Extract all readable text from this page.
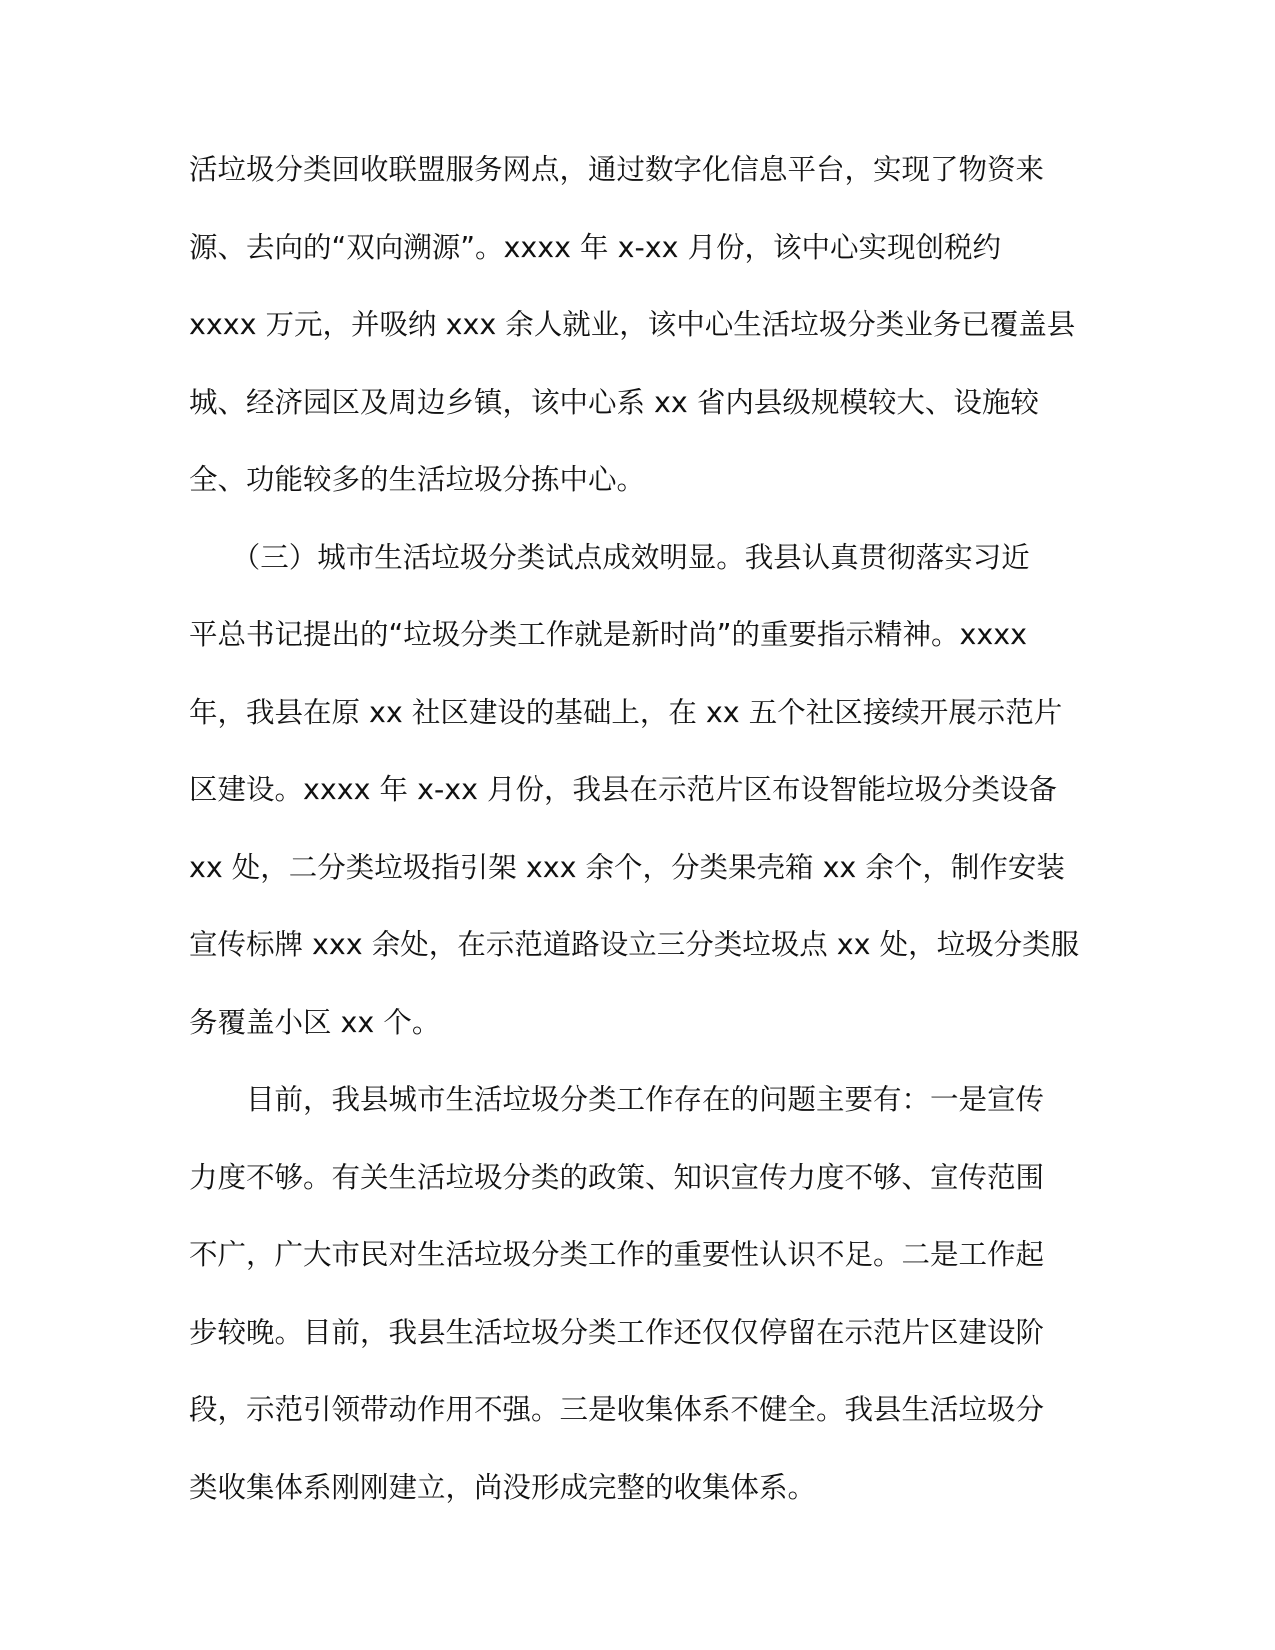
活垃圾分类回收联盟服务网点，通过数字化信息平台，实现了物资来
源、去向的“双向溯源”。xxxx 年 x-xx 月份，该中心实现创税约
xxxx 万元，并吸纳 xxx 余人就业，该中心生活垃圾分类业务已覆盖县
城、经济园区及周边乡镇，该中心系 xx 省内县级规模较大、设施较
全、功能较多的生活垃圾分拣中心。
　　（三）城市生活垃圾分类试点成效明显。我县认真贯彻落实习近
平总书记提出的“垃圾分类工作就是新时尚”的重要指示精神。xxxx
年，我县在原 xx 社区建设的基础上，在 xx 五个社区接续开展示范片
区建设。xxxx 年 x-xx 月份，我县在示范片区布设智能垃圾分类设备
xx 处，二分类垃圾指引架 xxx 余个，分类果壳箱 xx 余个，制作安装
宣传标牌 xxx 余处，在示范道路设立三分类垃圾点 xx 处，垃圾分类服
务覆盖小区 xx 个。
　　目前，我县城市生活垃圾分类工作存在的问题主要有：一是宣传
力度不够。有关生活垃圾分类的政策、知识宣传力度不够、宣传范围
不广，广大市民对生活垃圾分类工作的重要性认识不足。二是工作起
步较晚。目前，我县生活垃圾分类工作还仅仅停留在示范片区建设阶
段，示范引领带动作用不强。三是收集体系不健全。我县生活垃圾分
类收集体系刚刚建立，尚没形成完整的收集体系。
